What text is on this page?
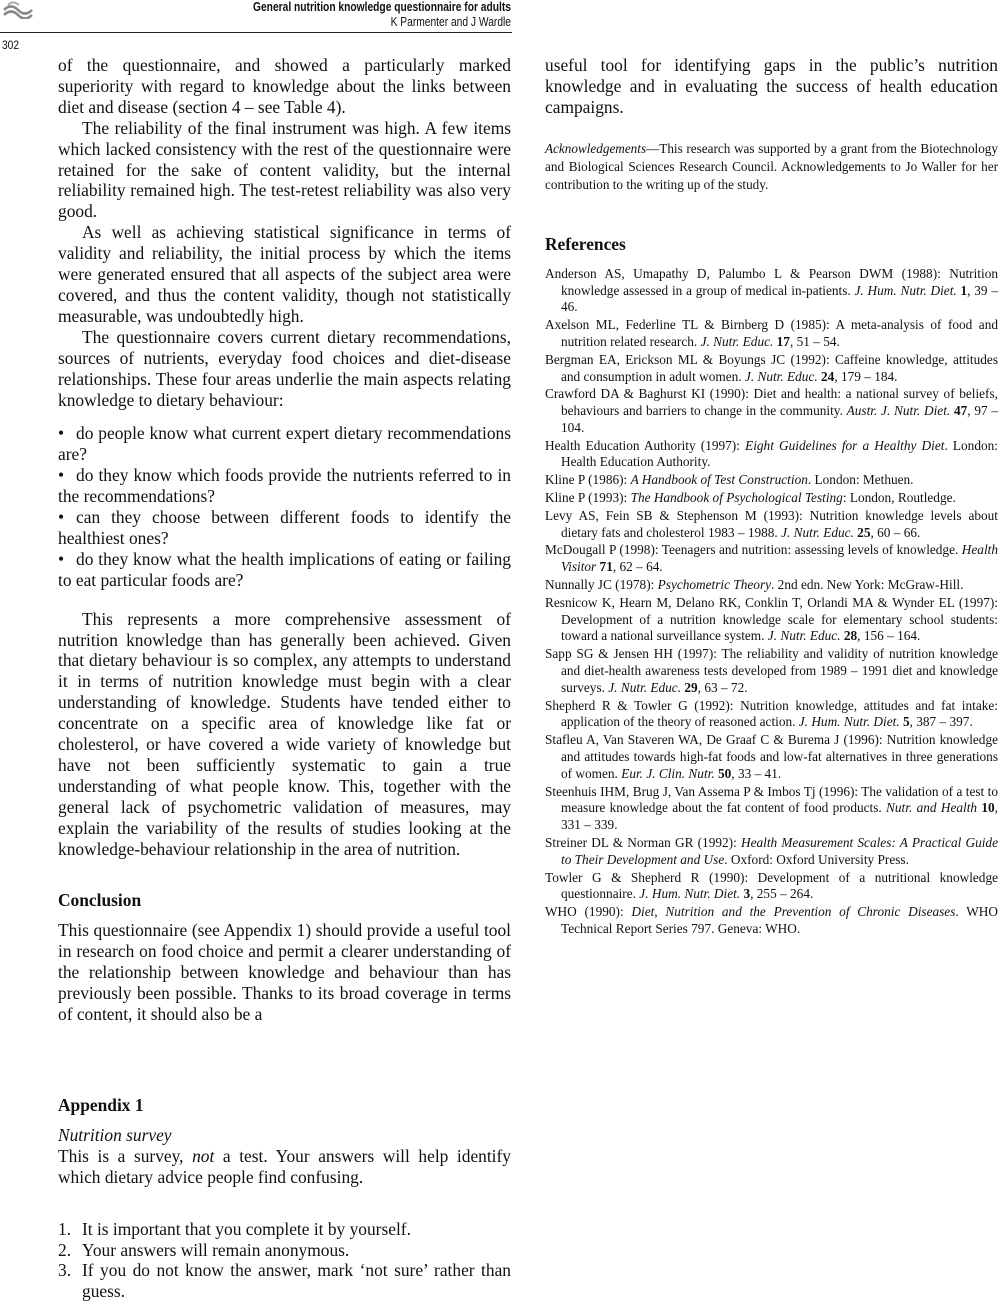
General nutrition knowledge questionnaire for adults
K Parmenter and J Wardle
302

of the questionnaire, and showed a particularly marked superiority with regard to knowledge about the links between diet and disease (section 4 – see Table 4).

The reliability of the final instrument was high. A few items which lacked consistency with the rest of the questionnaire were retained for the sake of content validity, but the internal reliability remained high. The test-retest reliability was also very good.

As well as achieving statistical significance in terms of validity and reliability, the initial process by which the items were generated ensured that all aspects of the subject area were covered, and thus the content validity, though not statistically measurable, was undoubtedly high.

The questionnaire covers current dietary recommendations, sources of nutrients, everyday food choices and diet-disease relationships. These four areas underlie the main aspects relating knowledge to dietary behaviour:

• do people know what current expert dietary recommendations are?
• do they know which foods provide the nutrients referred to in the recommendations?
• can they choose between different foods to identify the healthiest ones?
• do they know what the health implications of eating or failing to eat particular foods are?

This represents a more comprehensive assessment of nutrition knowledge than has generally been achieved. Given that dietary behaviour is so complex, any attempts to understand it in terms of nutrition knowledge must begin with a clear understanding of knowledge. Students have tended either to concentrate on a specific area of knowledge like fat or cholesterol, or have covered a wide variety of knowledge but have not been sufficiently systematic to gain a true understanding of what people know. This, together with the general lack of psychometric validation of measures, may explain the variability of the results of studies looking at the knowledge-behaviour relationship in the area of nutrition.

Conclusion

This questionnaire (see Appendix 1) should provide a useful tool in research on food choice and permit a clearer understanding of the relationship between knowledge and behaviour than has previously been possible. Thanks to its broad coverage in terms of content, it should also be a

Appendix 1
Nutrition survey

This is a survey, not a test. Your answers will help identify which dietary advice people find confusing.

1. It is important that you complete it by yourself.
2. Your answers will remain anonymous.
3. If you do not know the answer, mark ‘not sure’ rather than guess.

useful tool for identifying gaps in the public’s nutrition knowledge and in evaluating the success of health education campaigns.

Acknowledgements—This research was supported by a grant from the Biotechnology and Biological Sciences Research Council. Acknowledgements to Jo Waller for her contribution to the writing up of the study.

References
Anderson AS, Umapathy D, Palumbo L & Pearson DWM (1988): Nutrition knowledge assessed in a group of medical in-patients. J. Hum. Nutr. Diet. 1, 39 – 46.
Axelson ML, Federline TL & Birnberg D (1985): A meta-analysis of food and nutrition related research. J. Nutr. Educ. 17, 51 – 54.
Bergman EA, Erickson ML & Boyungs JC (1992): Caffeine knowledge, attitudes and consumption in adult women. J. Nutr. Educ. 24, 179 – 184.
Crawford DA & Baghurst KI (1990): Diet and health: a national survey of beliefs, behaviours and barriers to change in the community. Austr. J. Nutr. Diet. 47, 97 – 104.
Health Education Authority (1997): Eight Guidelines for a Healthy Diet. London: Health Education Authority.
Kline P (1986): A Handbook of Test Construction. London: Methuen.
Kline P (1993): The Handbook of Psychological Testing: London, Routledge.
Levy AS, Fein SB & Stephenson M (1993): Nutrition knowledge levels about dietary fats and cholesterol 1983 – 1988. J. Nutr. Educ. 25, 60 – 66.
McDougall P (1998): Teenagers and nutrition: assessing levels of knowledge. Health Visitor 71, 62 – 64.
Nunnally JC (1978): Psychometric Theory. 2nd edn. New York: McGraw-Hill.
Resnicow K, Hearn M, Delano RK, Conklin T, Orlandi MA & Wynder EL (1997): Development of a nutrition knowledge scale for elementary school students: toward a national surveillance system. J. Nutr. Educ. 28, 156 – 164.
Sapp SG & Jensen HH (1997): The reliability and validity of nutrition knowledge and diet-health awareness tests developed from 1989 – 1991 diet and knowledge surveys. J. Nutr. Educ. 29, 63 – 72.
Shepherd R & Towler G (1992): Nutrition knowledge, attitudes and fat intake: application of the theory of reasoned action. J. Hum. Nutr. Diet. 5, 387 – 397.
Stafleu A, Van Staveren WA, De Graaf C & Burema J (1996): Nutrition knowledge and attitudes towards high-fat foods and low-fat alternatives in three generations of women. Eur. J. Clin. Nutr. 50, 33 – 41.
Steenhuis IHM, Brug J, Van Assema P & Imbos Tj (1996): The validation of a test to measure knowledge about the fat content of food products. Nutr. and Health 10, 331 – 339.
Streiner DL & Norman GR (1992): Health Measurement Scales: A Practical Guide to Their Development and Use. Oxford: Oxford University Press.
Towler G & Shepherd R (1990): Development of a nutritional knowledge questionnaire. J. Hum. Nutr. Diet. 3, 255 – 264.
WHO (1990): Diet, Nutrition and the Prevention of Chronic Diseases. WHO Technical Report Series 797. Geneva: WHO.
